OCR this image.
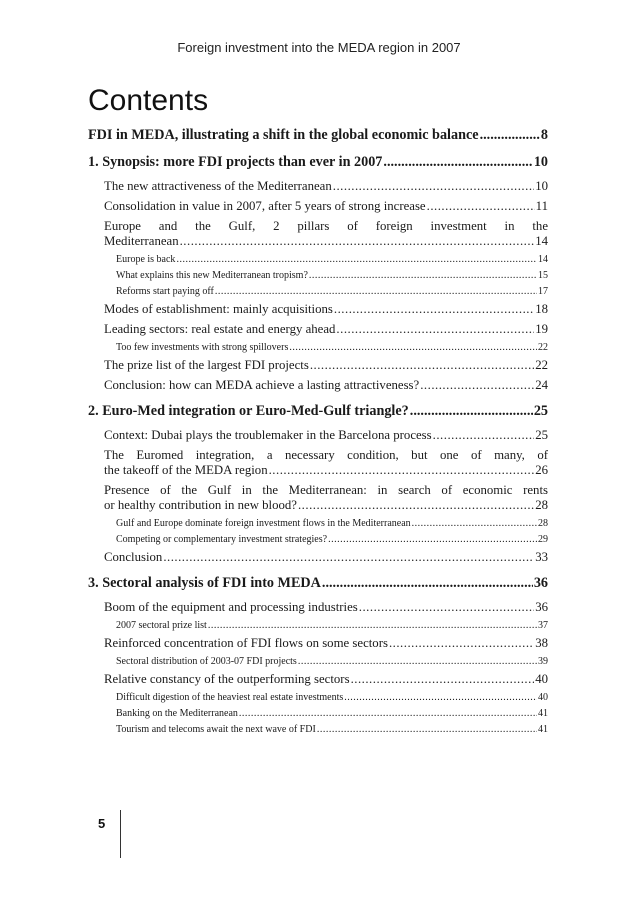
Foreign investment into the MEDA region in 2007
Contents
FDI in MEDA, illustrating a shift in the global economic balance .....	8
1. Synopsis: more FDI projects than ever in 2007 .....	10
The new attractiveness of the Mediterranean .....	10
Consolidation in value in 2007, after 5 years of strong increase .....	11
Europe and the Gulf, 2 pillars of foreign investment in the
Mediterranean .....	14
Europe is back .....	14
What explains this new Mediterranean tropism? .....	15
Reforms start paying off .....	17
Modes of establishment: mainly acquisitions .....	18
Leading sectors: real estate and energy ahead .....	19
Too few investments with strong spillovers .....	22
The prize list of the largest FDI projects .....	22
Conclusion: how can MEDA achieve a lasting attractiveness? .....	24
2. Euro-Med integration or Euro-Med-Gulf triangle? .....	25
Context: Dubai plays the troublemaker in the Barcelona process .....	25
The Euromed integration, a necessary condition, but one of many, of
the takeoff of the MEDA region .....	26
Presence of the Gulf in the Mediterranean: in search of economic rents
or healthy contribution in new blood? .....	28
Gulf and Europe dominate foreign investment flows in the Mediterranean .....	28
Competing or complementary investment strategies? .....	29
Conclusion .....	33
3. Sectoral analysis of FDI into MEDA .....	36
Boom of the equipment and processing industries .....	36
2007 sectoral prize list .....	37
Reinforced concentration of FDI flows on some sectors .....	38
Sectoral distribution of 2003-07 FDI projects .....	39
Relative constancy of the outperforming sectors .....	40
Difficult digestion of the heaviest real estate investments .....	40
Banking on the Mediterranean .....	41
Tourism and telecoms await the next wave of FDI .....	41
5
